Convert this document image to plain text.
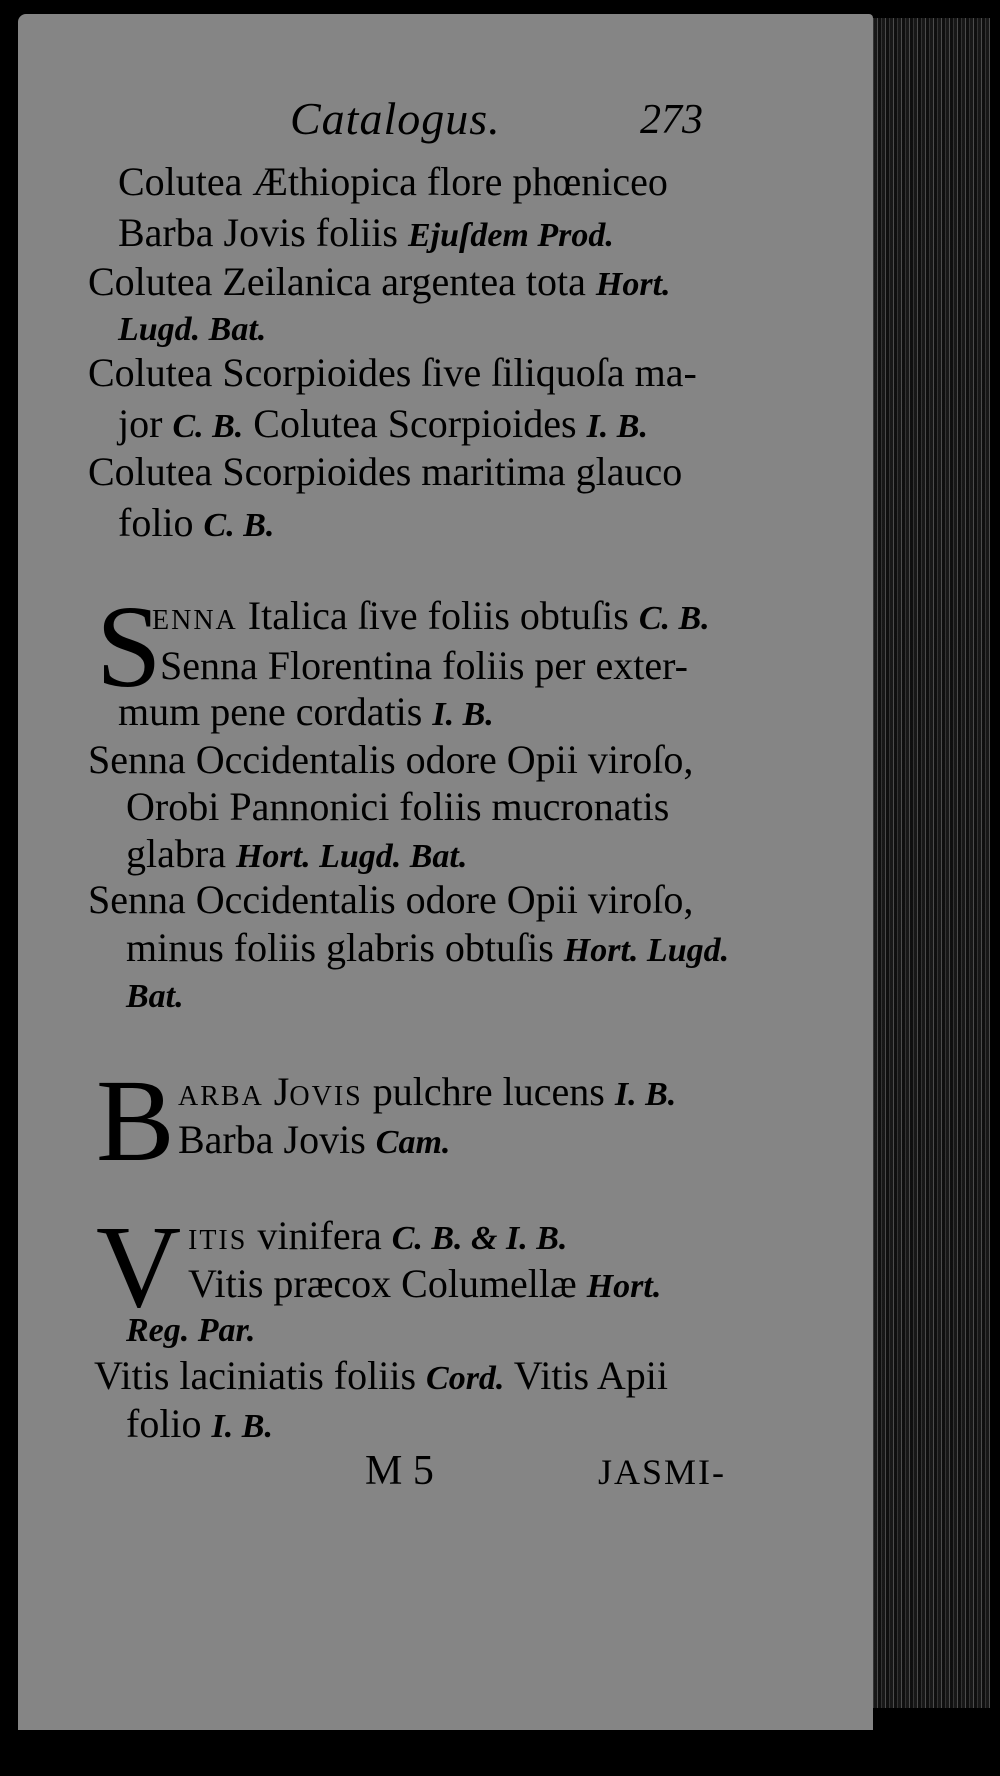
Catalogus.	273
Colutea Æthiopica flore phœniceo
Barba Jovis foliis Ejuſdem Prod.
Colutea Zeilanica argentea tota Hort.
Lugd. Bat.
Colutea Scorpioides ſive ſiliquoſa ma-
jor C. B. Colutea Scorpioides I. B.
Colutea Scorpioides maritima glauco
folio C. B.
S
ENNA Italica ſive foliis obtuſis C. B.
Senna Florentina foliis per exter-
mum pene cordatis I. B.
Senna Occidentalis odore Opii viroſo,
Orobi Pannonici foliis mucronatis
glabra Hort. Lugd. Bat.
Senna Occidentalis odore Opii viroſo,
minus foliis glabris obtuſis Hort. Lugd.
Bat.
B ARBA JOVIS pulchre lucens I. B.
Barba Jovis Cam.
V ITIS vinifera C. B. & I. B.
Vitis præcox Columellæ Hort.
Reg. Par.
Vitis laciniatis foliis Cord. Vitis Apii
folio I. B.
M 5	JASMI-
